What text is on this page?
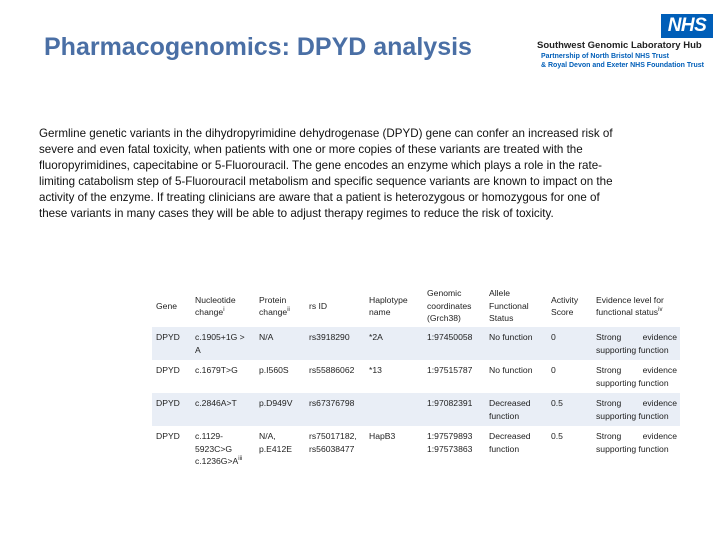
Pharmacogenomics: DPYD analysis
NHS
Southwest Genomic Laboratory Hub
Partnership of North Bristol NHS Trust
& Royal Devon and Exeter NHS Foundation Trust

Germline genetic variants in the dihydropyrimidine dehydrogenase (DPYD) gene can confer an increased risk of severe and even fatal toxicity, when patients with one or more copies of these variants are treated with the fluoropyrimidines, capecitabine or 5-Fluorouracil. The gene encodes an enzyme which plays a role in the rate-limiting catabolism step of 5-Fluorouracil metabolism and specific sequence variants are known to impact on the activity of the enzyme. If treating clinicians are aware that a patient is heterozygous or homozygous for one of these variants in many cases they will be able to adjust therapy regimes to reduce the risk of toxicity.

Gene	Nucleotide change$^i$	Protein change$^{ii}$	rs ID	Haplotype name	Genomic coordinates (Grch38)	Allele Functional Status	Activity Score	Evidence level for functional status$^{iv}$
DPYD	c.1905+1G > A	N/A	rs3918290	*2A	1:97450058	No function	0	Strong evidence supporting function
DPYD	c.1679T>G	p.I560S	rs55886062	*13	1:97515787	No function	0	Strong evidence supporting function
DPYD	c.2846A>T	p.D949V	rs67376798		1:97082391	Decreased function	0.5	Strong evidence supporting function
DPYD	c.1129-5923C>G $c.1236G>A^{iii}$	N/A, p.E412E	rs75017182, rs56038477	HapB3	1:97579893 1:97573863	Decreased function	0.5	Strong evidence supporting function
